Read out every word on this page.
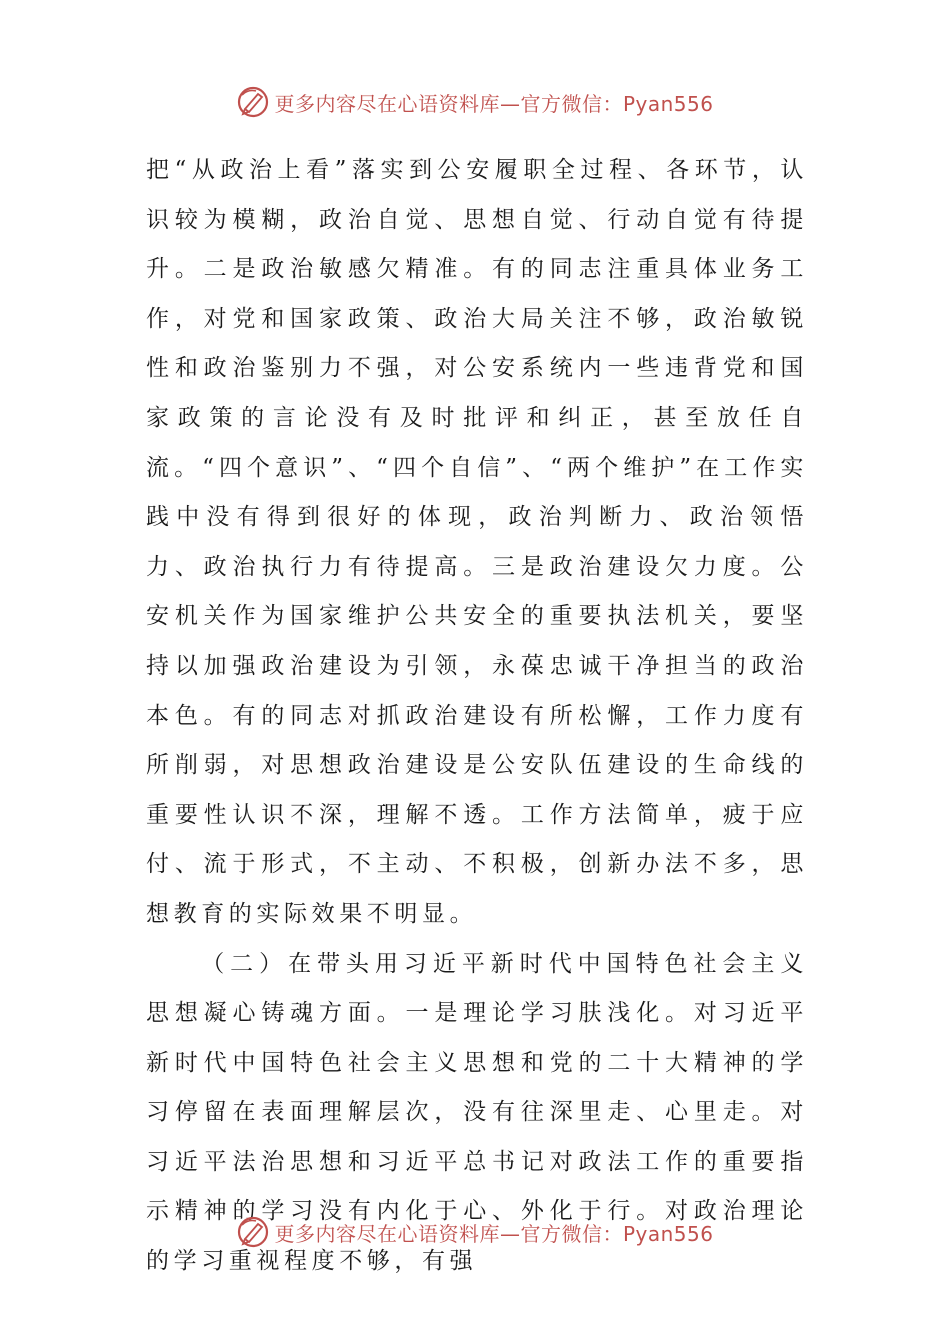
更多内容尽在心语资料库—官方微信：Pyan556

把“从政治上看”落实到公安履职全过程、各环节，认识较为模糊，政治自觉、思想自觉、行动自觉有待提升。二是政治敏感欠精准。有的同志注重具体业务工作，对党和国家政策、政治大局关注不够，政治敏锐性和政治鉴别力不强，对公安系统内一些违背党和国家政策的言论没有及时批评和纠正，甚至放任自流。“四个意识”、“四个自信”、“两个维护”在工作实践中没有得到很好的体现，政治判断力、政治领悟力、政治执行力有待提高。三是政治建设欠力度。公安机关作为国家维护公共安全的重要执法机关，要坚持以加强政治建设为引领，永葆忠诚干净担当的政治本色。有的同志对抓政治建设有所松懈，工作力度有所削弱，对思想政治建设是公安队伍建设的生命线的重要性认识不深，理解不透。工作方法简单，疲于应付、流于形式，不主动、不积极，创新办法不多，思想教育的实际效果不明显。

（二）在带头用习近平新时代中国特色社会主义思想凝心铸魂方面。一是理论学习肤浅化。对习近平新时代中国特色社会主义思想和党的二十大精神的学习停留在表面理解层次，没有往深里走、心里走。对习近平法治思想和习近平总书记对政法工作的重要指示精神的学习没有内化于心、外化于行。对政治理论的学习重视程度不够，有强

更多内容尽在心语资料库—官方微信：Pyan556
